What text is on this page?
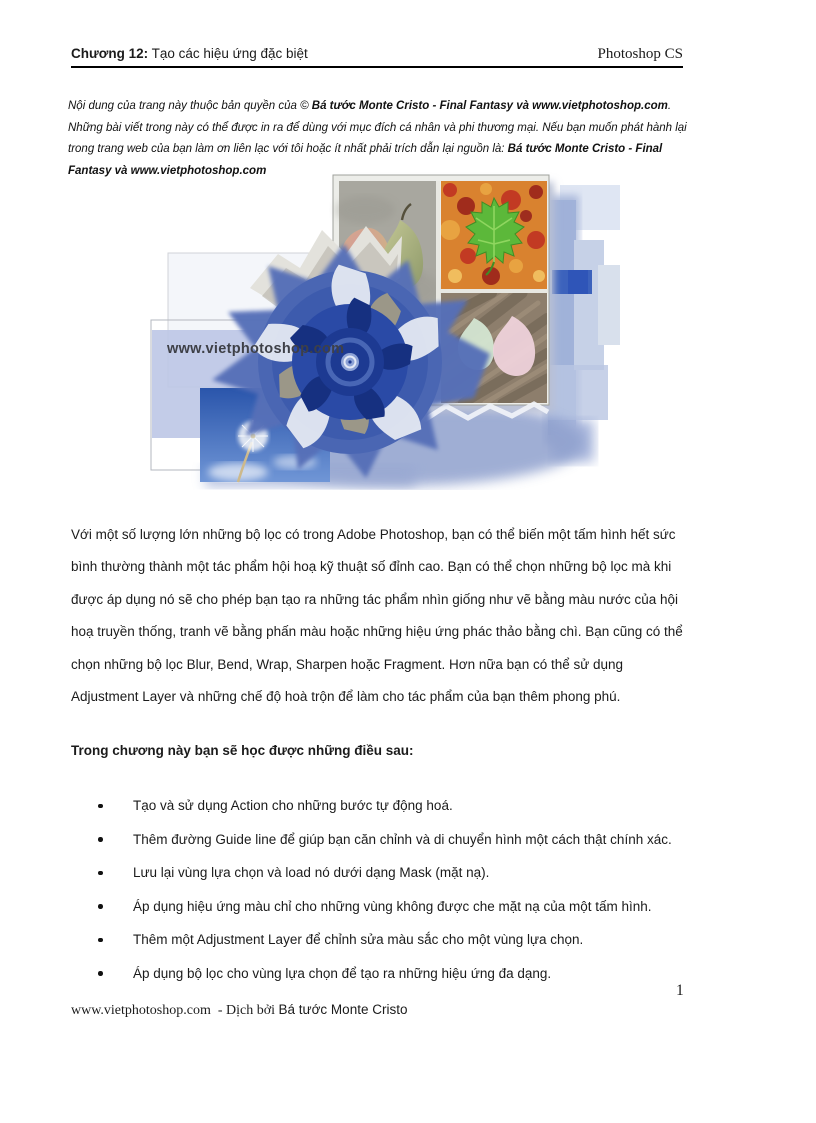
Chương 12: Tạo các hiệu ứng đặc biệt	Photoshop CS

Nội dung của trang này thuộc bản quyền của © Bá tước Monte Cristo - Final Fantasy và www.vietphotoshop.com. Những bài viết trong này có thể được in ra để dùng với mục đích cá nhân và phi thương mại. Nếu bạn muốn phát hành lại trong trang web của bạn làm ơn liên lạc với tôi hoặc ít nhất phải trích dẫn lại nguồn là: Bá tước Monte Cristo - Final Fantasy và www.vietphotoshop.com

www.vietphotoshop.com
Với một số lượng lớn những bộ lọc có trong Adobe Photoshop, bạn có thể biến một tấm hình hết sức
bình thường thành một tác phẩm hội hoạ kỹ thuật số đỉnh cao. Bạn có thể chọn những bộ lọc mà khi
được áp dụng nó sẽ cho phép bạn tạo ra những tác phẩm nhìn giống như vẽ bằng màu nước của hội
hoạ truyền thống, tranh vẽ bằng phấn màu hoặc những hiệu ứng phác thảo bằng chì. Bạn cũng có thể
chọn những bộ lọc Blur, Bend, Wrap, Sharpen hoặc Fragment. Hơn nữa bạn có thể sử dụng
Adjustment Layer và những chế độ hoà trộn để làm cho tác phẩm của bạn thêm phong phú.
Trong chương này bạn sẽ học được những điều sau:
Tạo và sử dụng Action cho những bước tự động hoá.
Thêm đường Guide line để giúp bạn căn chỉnh và di chuyển hình một cách thật chính xác.
Lưu lại vùng lựa chọn và load nó dưới dạng Mask (mặt nạ).
Áp dụng hiệu ứng màu chỉ cho những vùng không được che mặt nạ của một tấm hình.
Thêm một Adjustment Layer để chỉnh sửa màu sắc cho một vùng lựa chọn.
Áp dụng bộ lọc cho vùng lựa chọn để tạo ra những hiệu ứng đa dạng.
1
www.vietphotoshop.com  - Dịch bởi Bá tước Monte Cristo
